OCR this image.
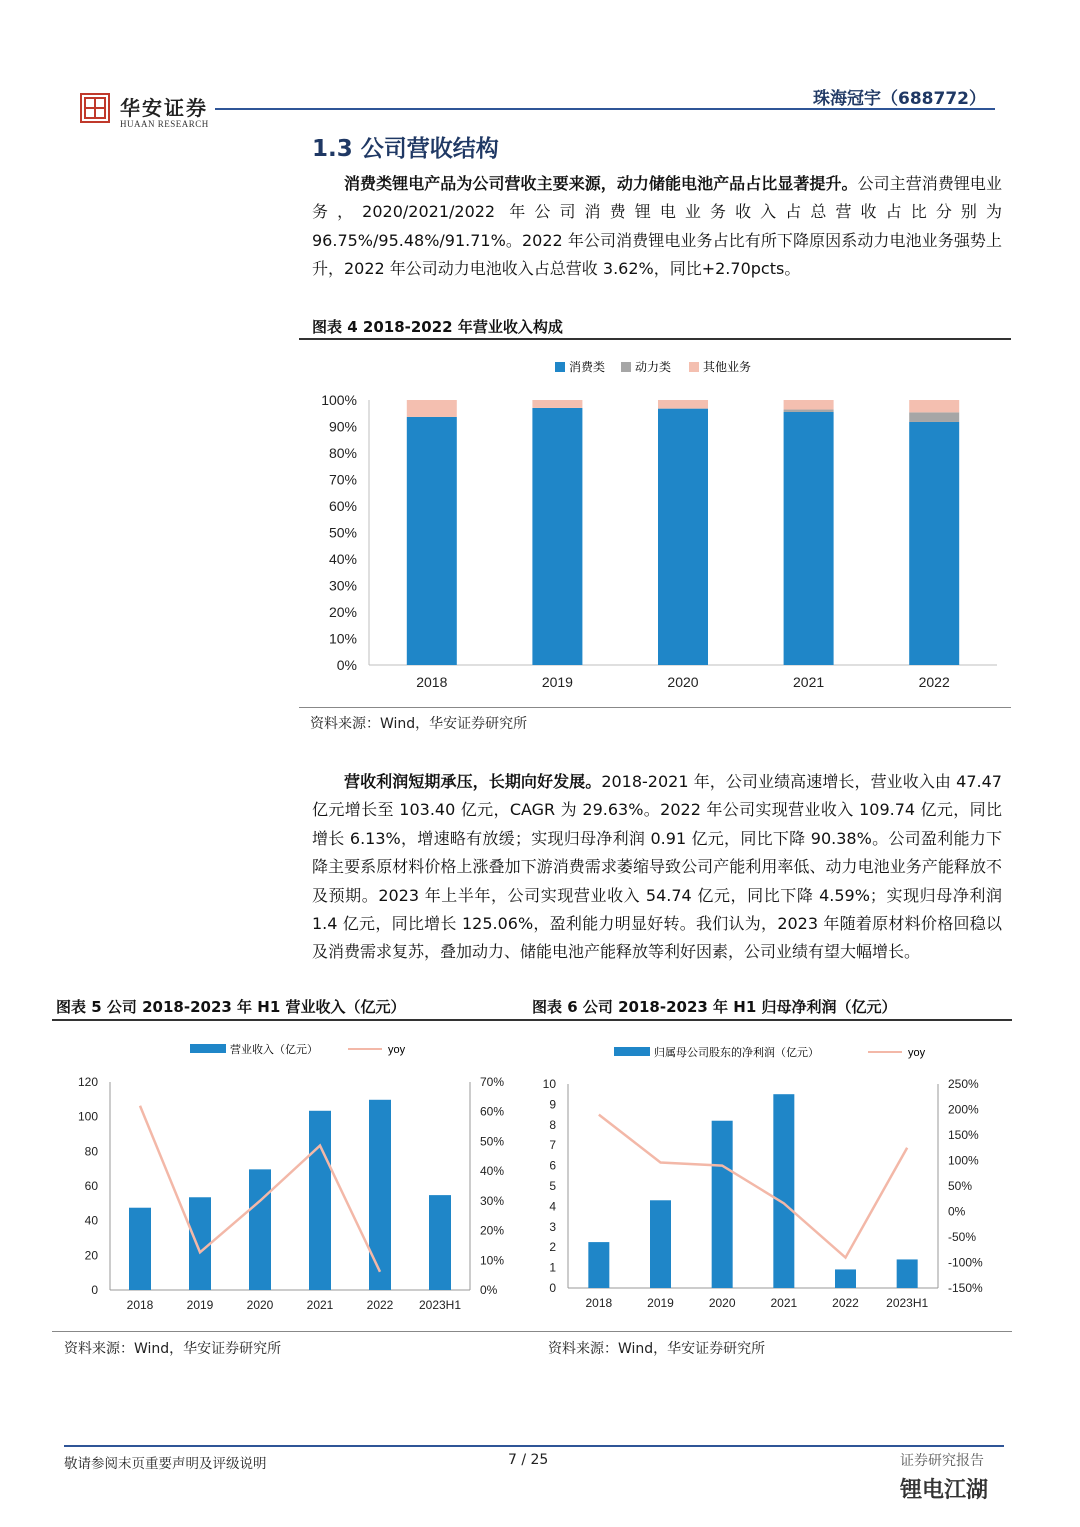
华安证券
HUAAN RESEARCH
珠海冠宇（688772）
1.3 公司营收结构
消费类锂电产品为公司营收主要来源，动力储能电池产品占比显著提升。公司主营消费锂电业务，2020/2021/2022 年公司消费锂电业务收入占总营收占比分别为 96.75%/95.48%/91.71%。2022 年公司消费锂电业务占比有所下降原因系动力电池业务强势上升，2022 年公司动力电池收入占总营收 3.62%，同比+2.70pcts。
图表 4 2018-2022 年营业收入构成
消费类 动力类	其他业务
0%
10%
20%
30%
40%
50%
60%
70%
80%
90%
100%
2018	2019	2020	2021	2022
资料来源：Wind，华安证券研究所
营收利润短期承压，长期向好发展。2018-2021 年，公司业绩高速增长，营业收入由 47.47 亿元增长至 103.40 亿元，CAGR 为 29.63%。2022 年公司实现营业收入 109.74 亿元，同比增长 6.13%，增速略有放缓；实现归母净利润 0.91 亿元，同比下降 90.38%。公司盈利能力下降主要系原材料价格上涨叠加下游消费需求萎缩导致公司产能利用率低、动力电池业务产能释放不及预期。2023 年上半年，公司实现营业收入 54.74 亿元，同比下降 4.59%；实现归母净利润 1.4 亿元，同比增长 125.06%，盈利能力明显好转。我们认为，2023 年随着原材料价格回稳以及消费需求复苏，叠加动力、储能电池产能释放等利好因素，公司业绩有望大幅增长。
图表 5 公司 2018-2023 年 H1 营业收入（亿元）	图表 6 公司 2018-2023 年 H1 归母净利润（亿元）
营业收入（亿元）	yoy
0
20
40
60
80
100
120
0%
10%
20%
30%
40%
50%
60%
70%
2018	2019	2020	2021	2022 2023H1
归属母公司股东的净利润（亿元）	yoy
0
1
2
3
4
5
6
7
8
9
10
-150%
-100%
-50%
0%
50%
100%
150%
200%
250%
2018	2019	2020	2021	2022 2023H1
资料来源：Wind，华安证券研究所	资料来源：Wind，华安证券研究所
敬请参阅末页重要声明及评级说明	7 / 25	证券研究报告
锂电江湖
